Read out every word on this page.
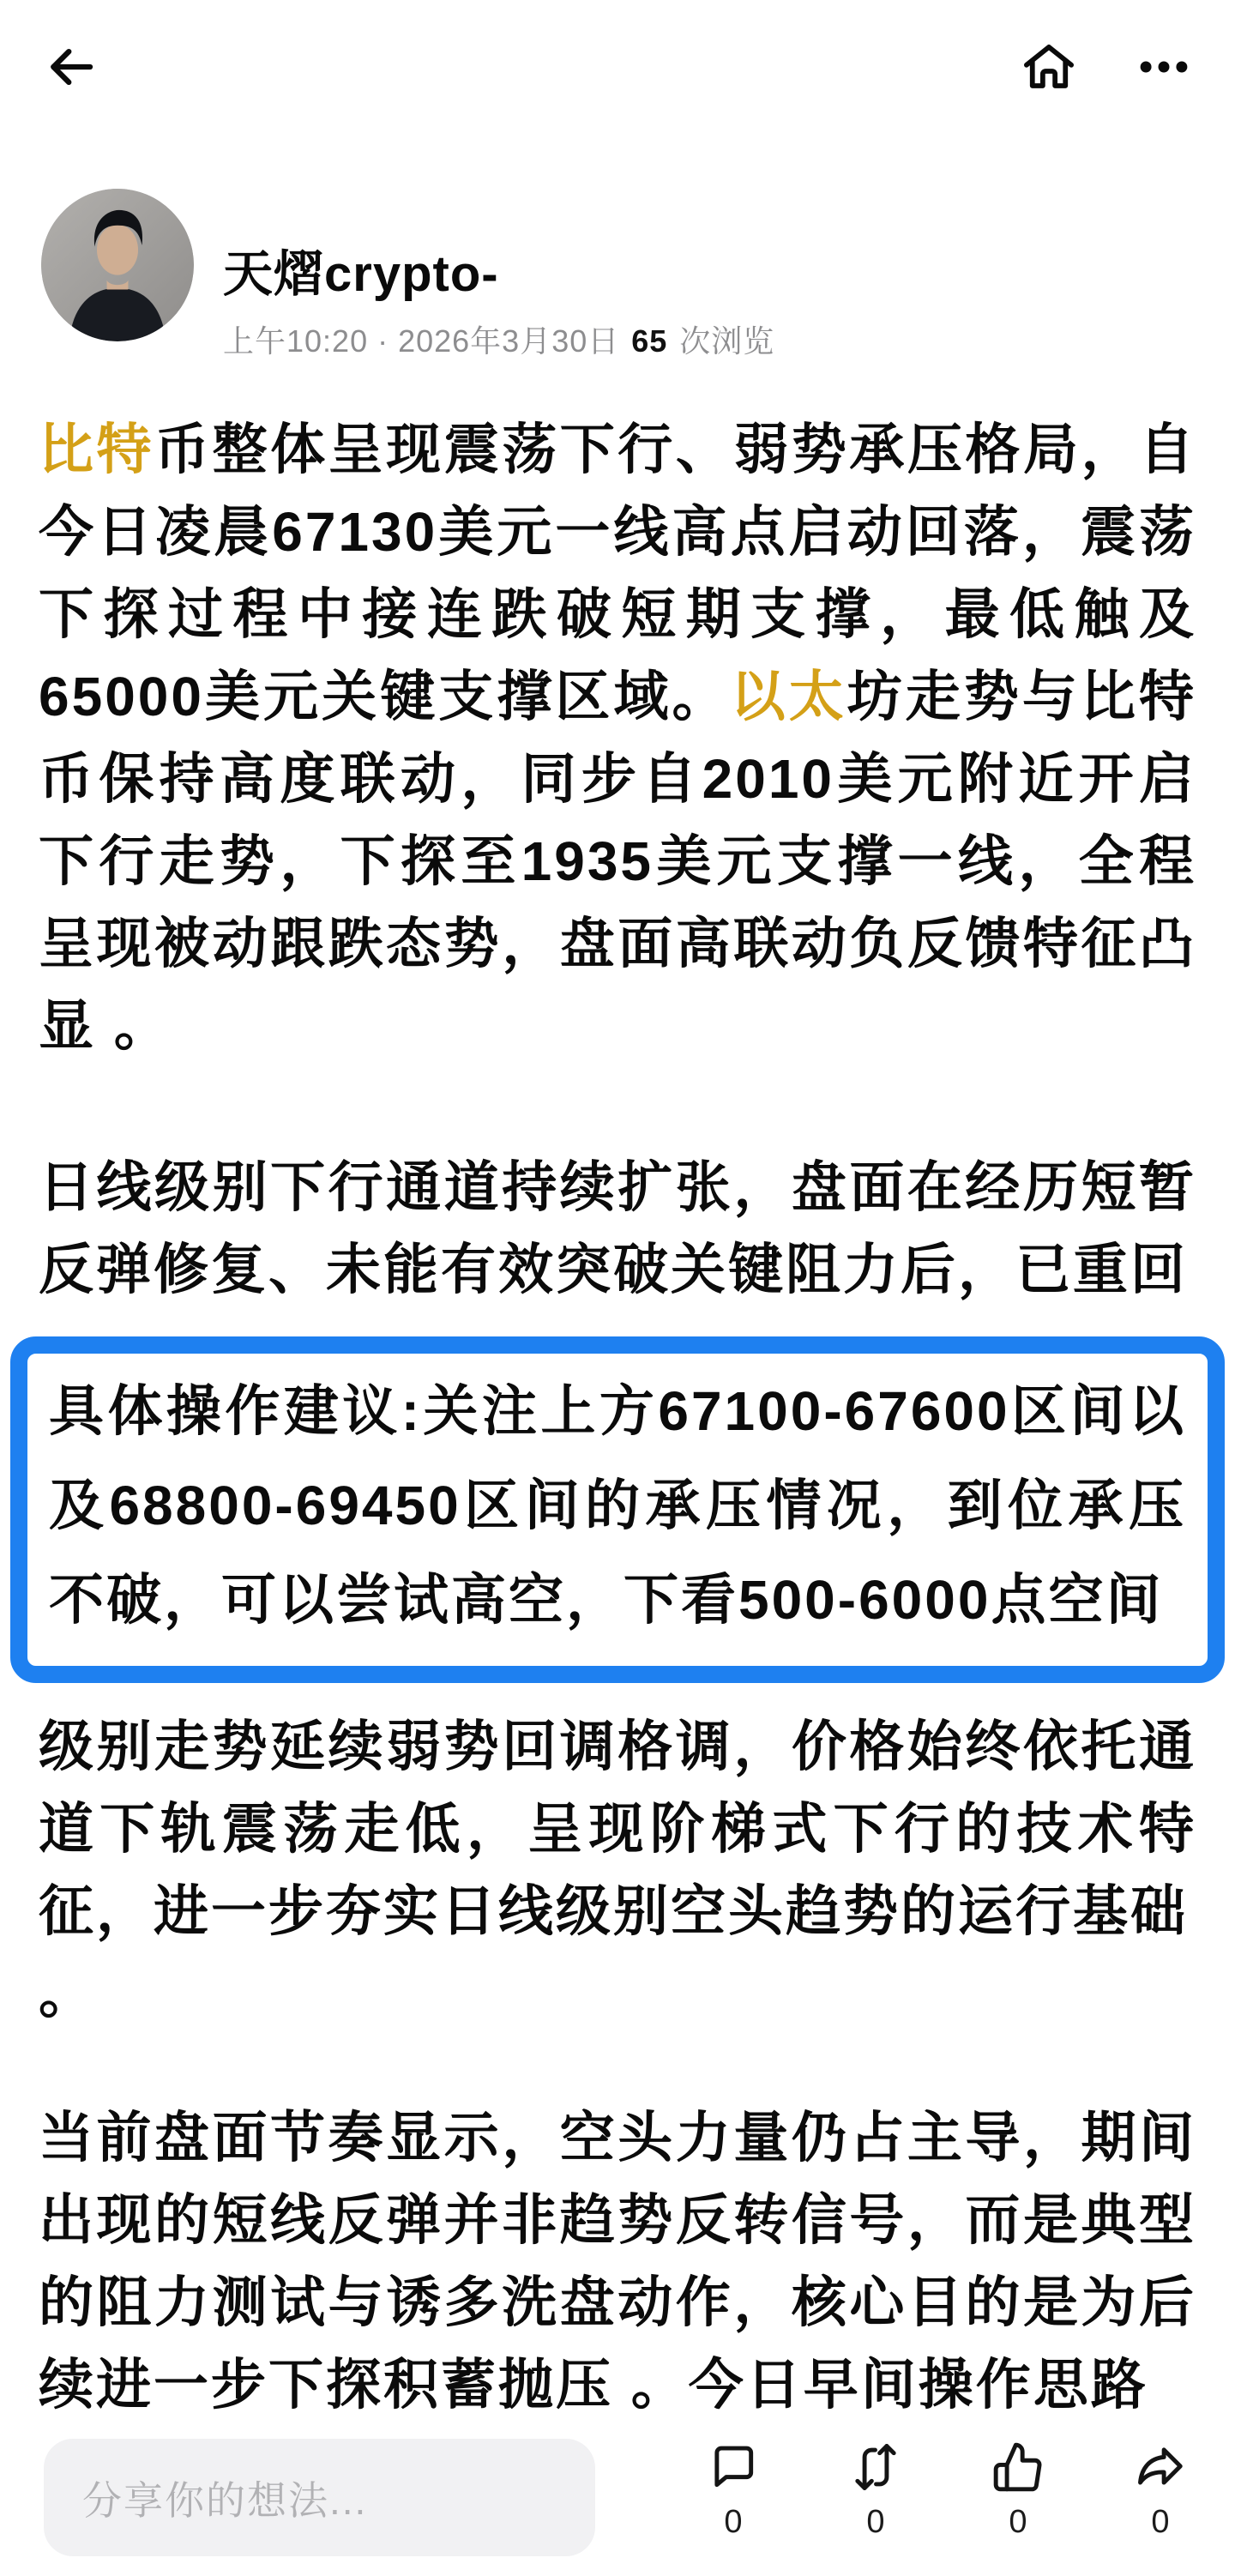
天熠crypto-
上午10:20 · 2026年3月30日 65 次浏览

比特币整体呈现震荡下行、弱势承压格局，自今日凌晨67130美元一线高点启动回落，震荡下探过程中接连跌破短期支撑，最低触及65000美元关键支撑区域。以太坊走势与比特币保持高度联动，同步自2010美元附近开启下行走势，下探至1935美元支撑一线，全程呈现被动跟跌态势，盘面高联动负反馈特征凸显 。

日线级别下行通道持续扩张，盘面在经历短暂反弹修复、未能有效突破关键阻力后，已重回

具体操作建议:关注上方67100-67600区间以及68800-69450区间的承压情况，到位承压不破，可以尝试高空，下看500-6000点空间

级别走势延续弱势回调格调，价格始终依托通道下轨震荡走低，呈现阶梯式下行的技术特征，进一步夯实日线级别空头趋势的运行基础

。

当前盘面节奏显示，空头力量仍占主导，期间出现的短线反弹并非趋势反转信号，而是典型的阻力测试与诱多洗盘动作，核心目的是为后续进一步下探积蓄抛压 。今日早间操作思路

分享你的想法...	0	0	0	0
